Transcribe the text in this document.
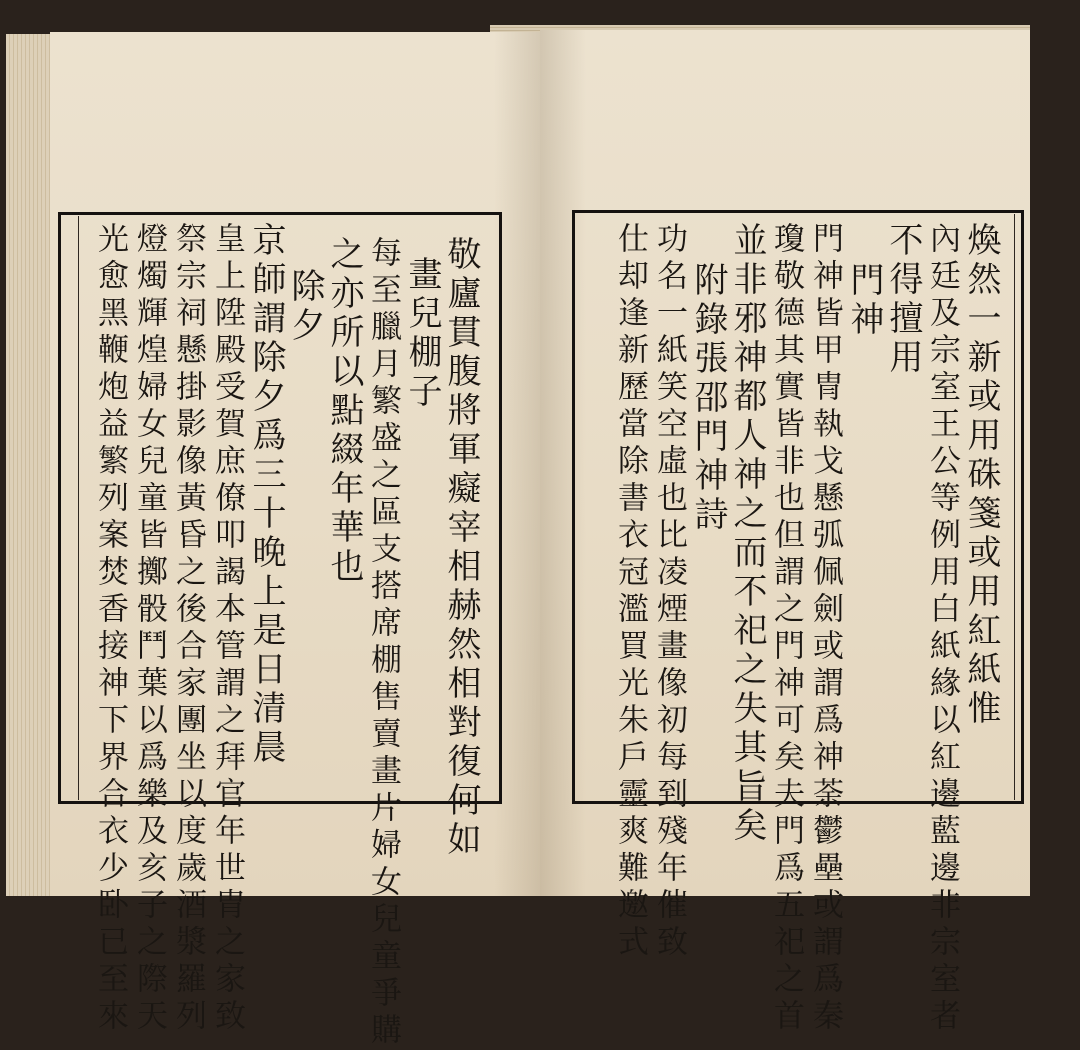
敬廬貫腹將軍癡宰相赫然相對復何如
畫兒棚子
每至臘月繁盛之區支搭席棚售賣畫片婦女兒童爭購
之亦所以點綴年華也
除夕
京師謂除夕爲三十晚上是日清晨
皇上陞殿受賀庶僚叩謁本管謂之拜官年世胄之家致
祭宗祠懸掛影像黃昏之後合家團坐以度歲酒漿羅列
燈燭輝煌婦女兒童皆擲骰鬥葉以爲樂及亥子之際天
光愈黑鞭炮益繁列案焚香接神下界合衣少卧已至來	煥然一新或用硃箋或用紅紙惟
內廷及宗室王公等例用白紙緣以紅邊藍邊非宗室者
不得擅用
門神
門神皆甲冑執戈懸弧佩劍或謂爲神荼鬱壘或謂爲秦
瓊敬德其實皆非也但謂之門神可矣夫門爲五祀之首
並非邪神都人神之而不祀之失其旨矣
附錄張邵門神詩
功名一紙笑空虛也比凌煙畫像初每到殘年催致
仕却逢新歷當除書衣冠濫買光朱戶靈爽難邀式
